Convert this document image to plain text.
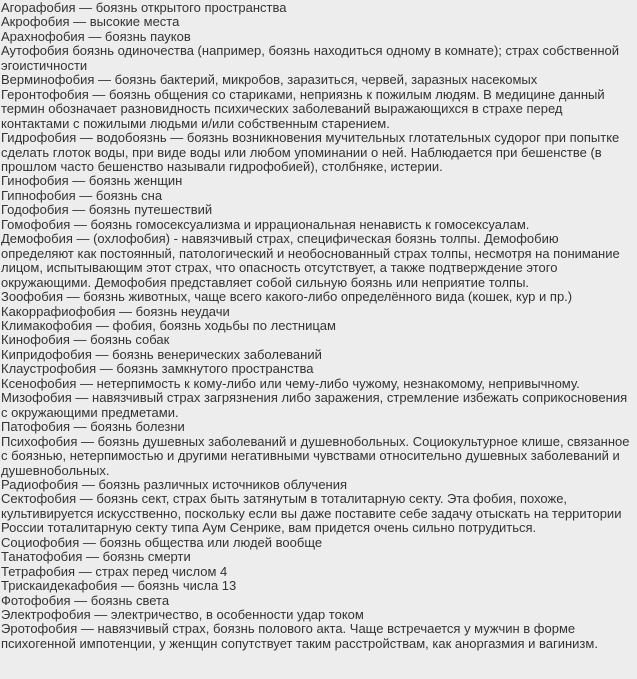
Агорафобия — боязнь открытого пространства

Акрофобия — высокие места

Арахнофобия — боязнь пауков

Аутофобия боязнь одиночества (например, боязнь находиться одному в комнате); страх собственной
эгоистичности

Верминофобия — боязнь бактерий, микробов, заразиться, червей, заразных насекомых

Геронтофобия — боязнь общения со стариками, неприязнь к пожилым людям. В медицине данный
термин обозначает разновидность психических заболеваний выражающихся в страхе перед
контактами с пожилыми людьми и/или собственным старением.

Гидрофобия — водобоязнь — боязнь возникновения мучительных глотательных судорог при попытке
сделать глоток воды, при виде воды или любом упоминании о ней. Наблюдается при бешенстве (в
прошлом часто бешенство называли гидрофобией), столбняке, истерии.

Гинофобия — боязнь женщин

Гипнофобия — боязнь сна

Годофобия — боязнь путешествий

Гомофобия — боязнь гомосексуализма и иррациональная ненависть к гомосексуалам.

Демофобия — (охлофобия) - навязчивый страх, специфическая боязнь толпы. Демофобию
определяют как постоянный, патологический и необоснованный страх толпы, несмотря на понимание
лицом, испытывающим этот страх, что опасность отсутствует, а также подтверждение этого
окружающими. Демофобия представляет собой сильную боязнь или неприятие толпы.

Зоофобия — боязнь животных, чаще всего какого-либо определённого вида (кошек, кур и пр.)

Какоррафиофобия — боязнь неудачи

Климакофобия — фобия, боязнь ходьбы по лестницам

Кинофобия — боязнь собак

Кипридофобия — боязнь венерических заболеваний

Клаустрофобия — боязнь замкнутого пространства

Ксенофобия — нетерпимость к кому-либо или чему-либо чужому, незнакомому, непривычному.

Мизофобия — навязчивый страх загрязнения либо заражения, стремление избежать соприкосновения
с окружающими предметами.

Патофобия — боязнь болезни

Психофобия — боязнь душевных заболеваний и душевнобольных. Социокультурное клише, связанное
с боязнью, нетерпимостью и другими негативными чувствами относительно душевных заболеваний и
душевнобольных.

Радиофобия — боязнь различных источников облучения

Сектофобия — боязнь сект, страх быть затянутым в тоталитарную секту. Эта фобия, похоже,
культивируется искусственно, поскольку если вы даже поставите себе задачу отыскать на территории
России тоталитарную секту типа Аум Сенрике, вам придется очень сильно потрудиться.

Социофобия — боязнь общества или людей вообще

Танатофобия — боязнь смерти

Тетрафобия — страх перед числом 4

Трискаидекафобия — боязнь числа 13

Фотофобия — боязнь света

Электрофобия — электричество, в особенности удар током

Эротофобия — навязчивый страх, боязнь полового акта. Чаще встречается у мужчин в форме
психогенной импотенции, у женщин сопутствует таким расстройствам, как аноргазмия и вагинизм.
